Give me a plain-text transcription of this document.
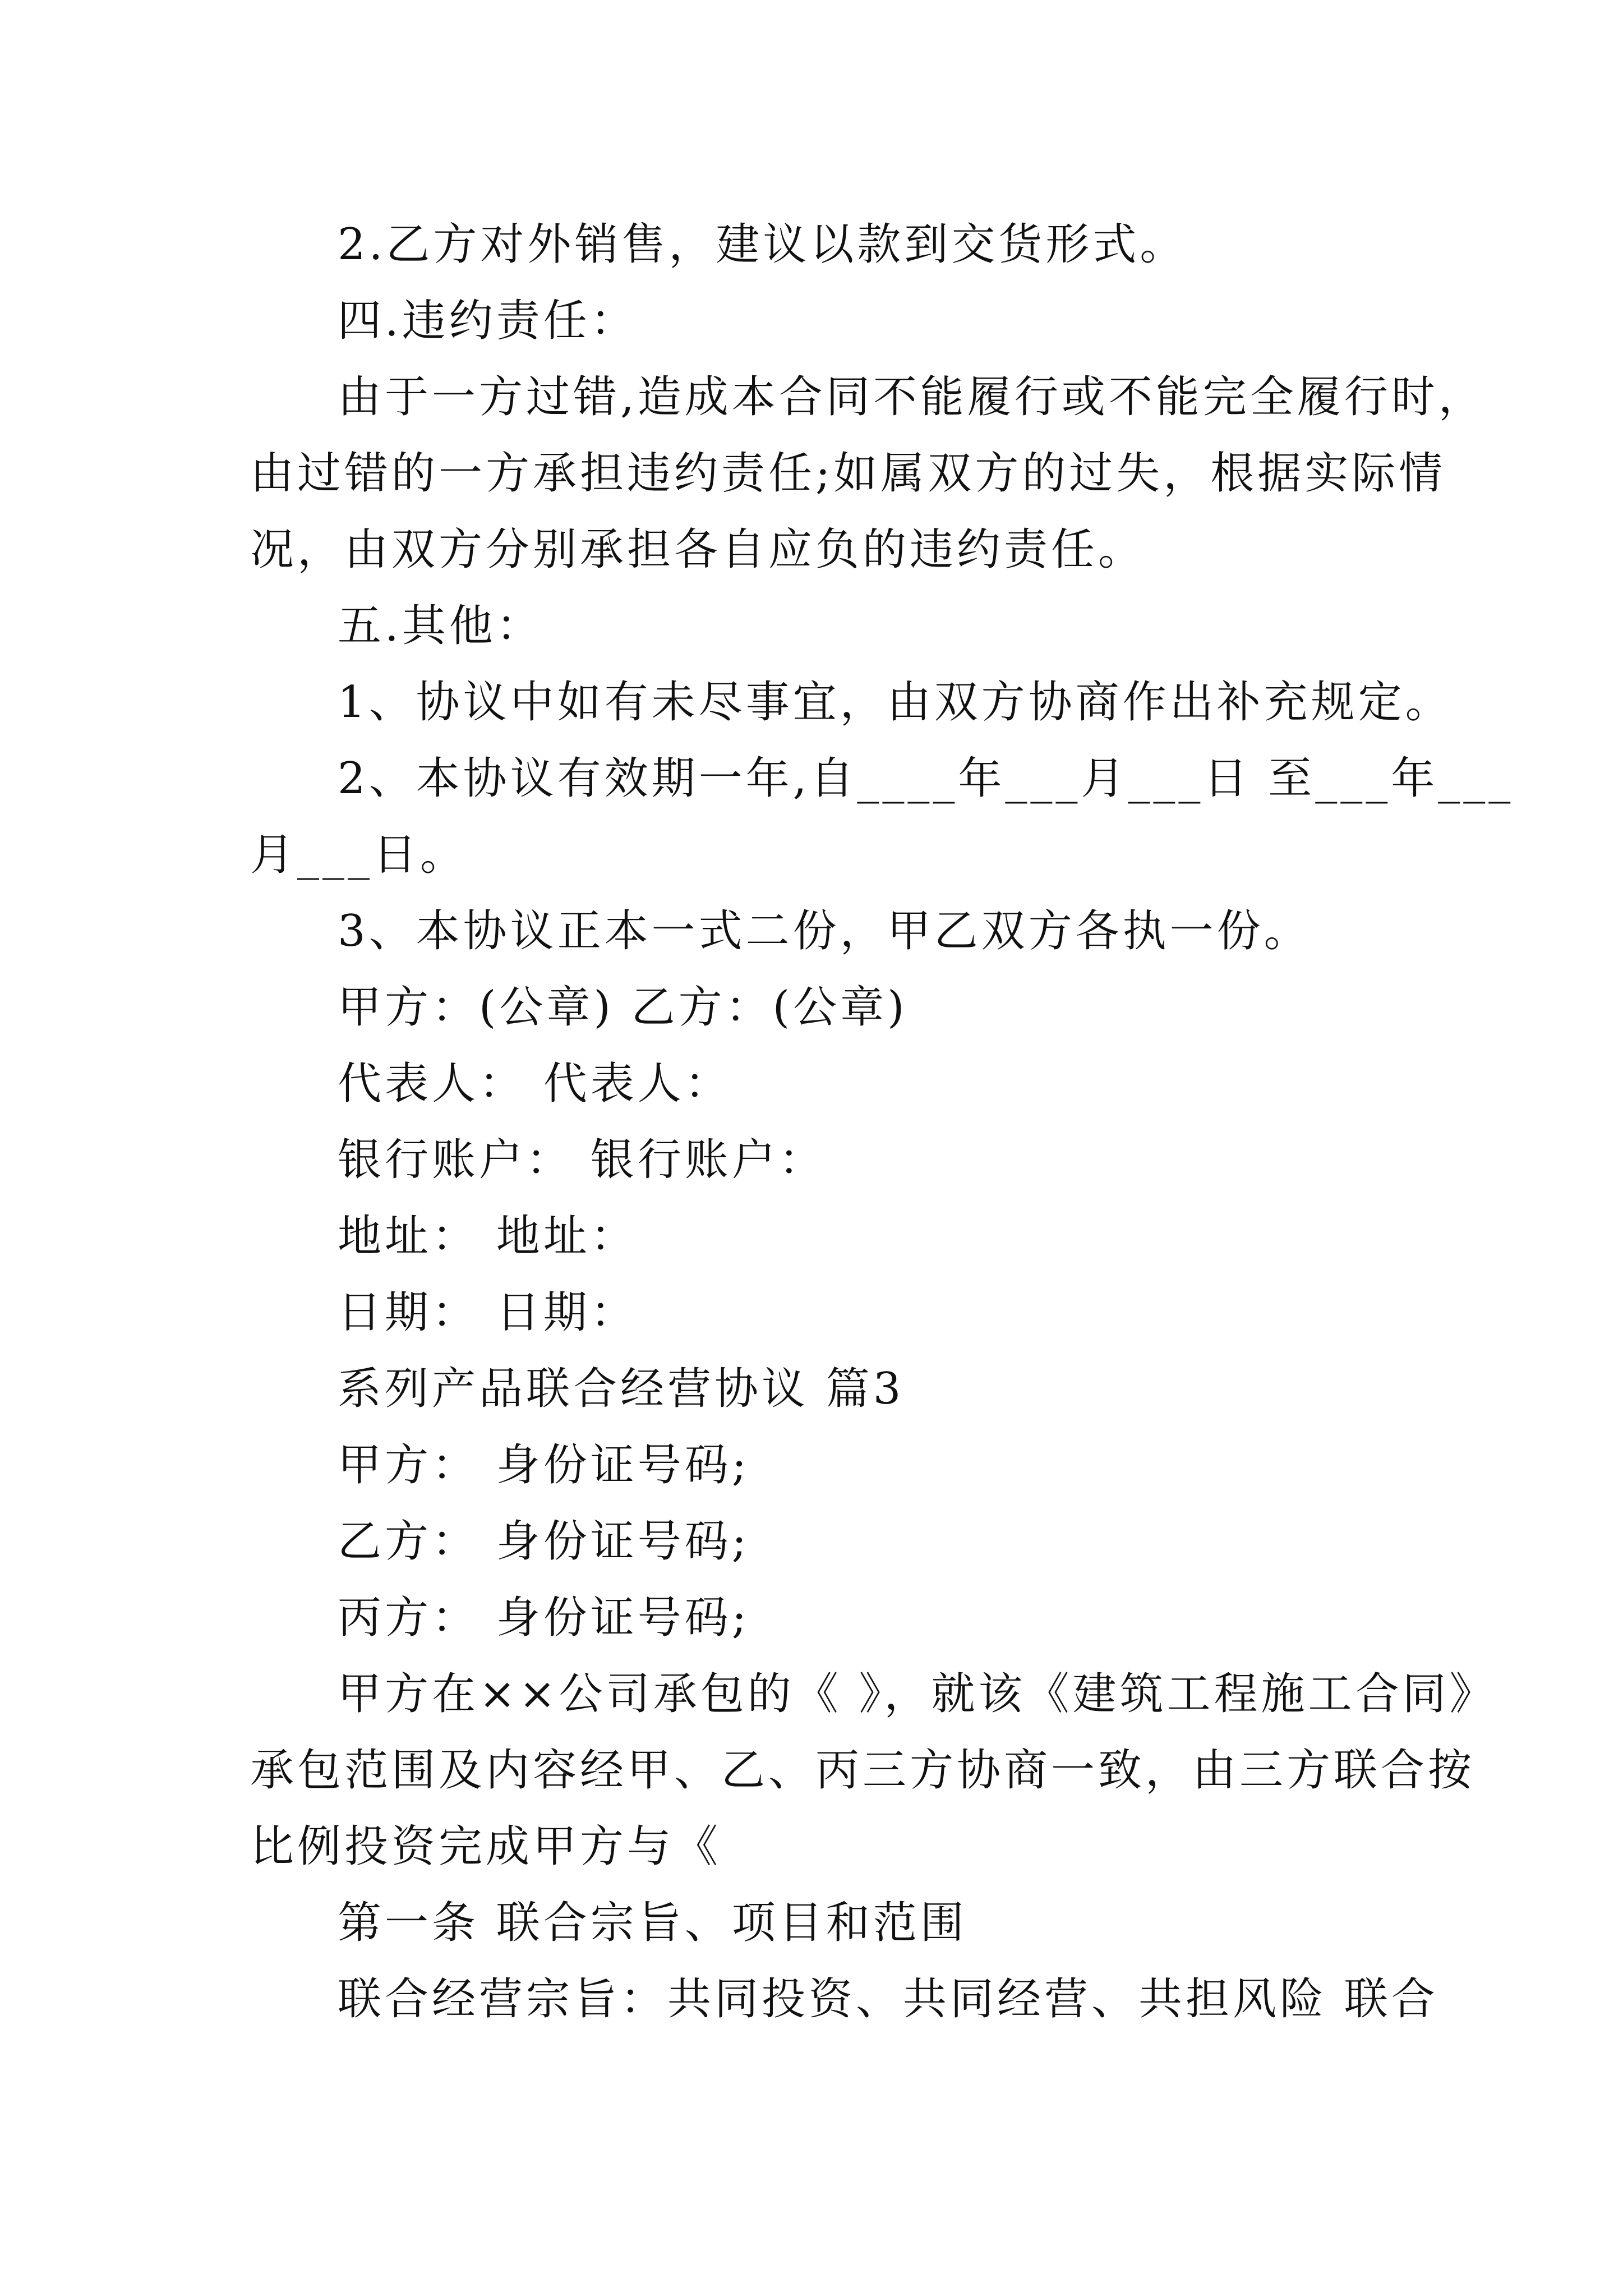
2.乙方对外销售，建议以款到交货形式。
四.违约责任：
由于一方过错,造成本合同不能履行或不能完全履行时，
由过错的一方承担违约责任;如属双方的过失，根据实际情
况，由双方分别承担各自应负的违约责任。
五.其他：
1、协议中如有未尽事宜，由双方协商作出补充规定。
2、本协议有效期一年,自____年___月___日 至___年___
月___日。
3、本协议正本一式二份，甲乙双方各执一份。
甲方：(公章) 乙方：(公章)
代表人： 代表人：
银行账户： 银行账户：
地址： 地址：
日期： 日期：
系列产品联合经营协议 篇3
甲方： 身份证号码;
乙方： 身份证号码;
丙方： 身份证号码;
甲方在××公司承包的《 》，就该《建筑工程施工合同》
承包范围及内容经甲、乙、丙三方协商一致，由三方联合按
比例投资完成甲方与《
第一条 联合宗旨、项目和范围
联合经营宗旨：共同投资、共同经营、共担风险 联合
